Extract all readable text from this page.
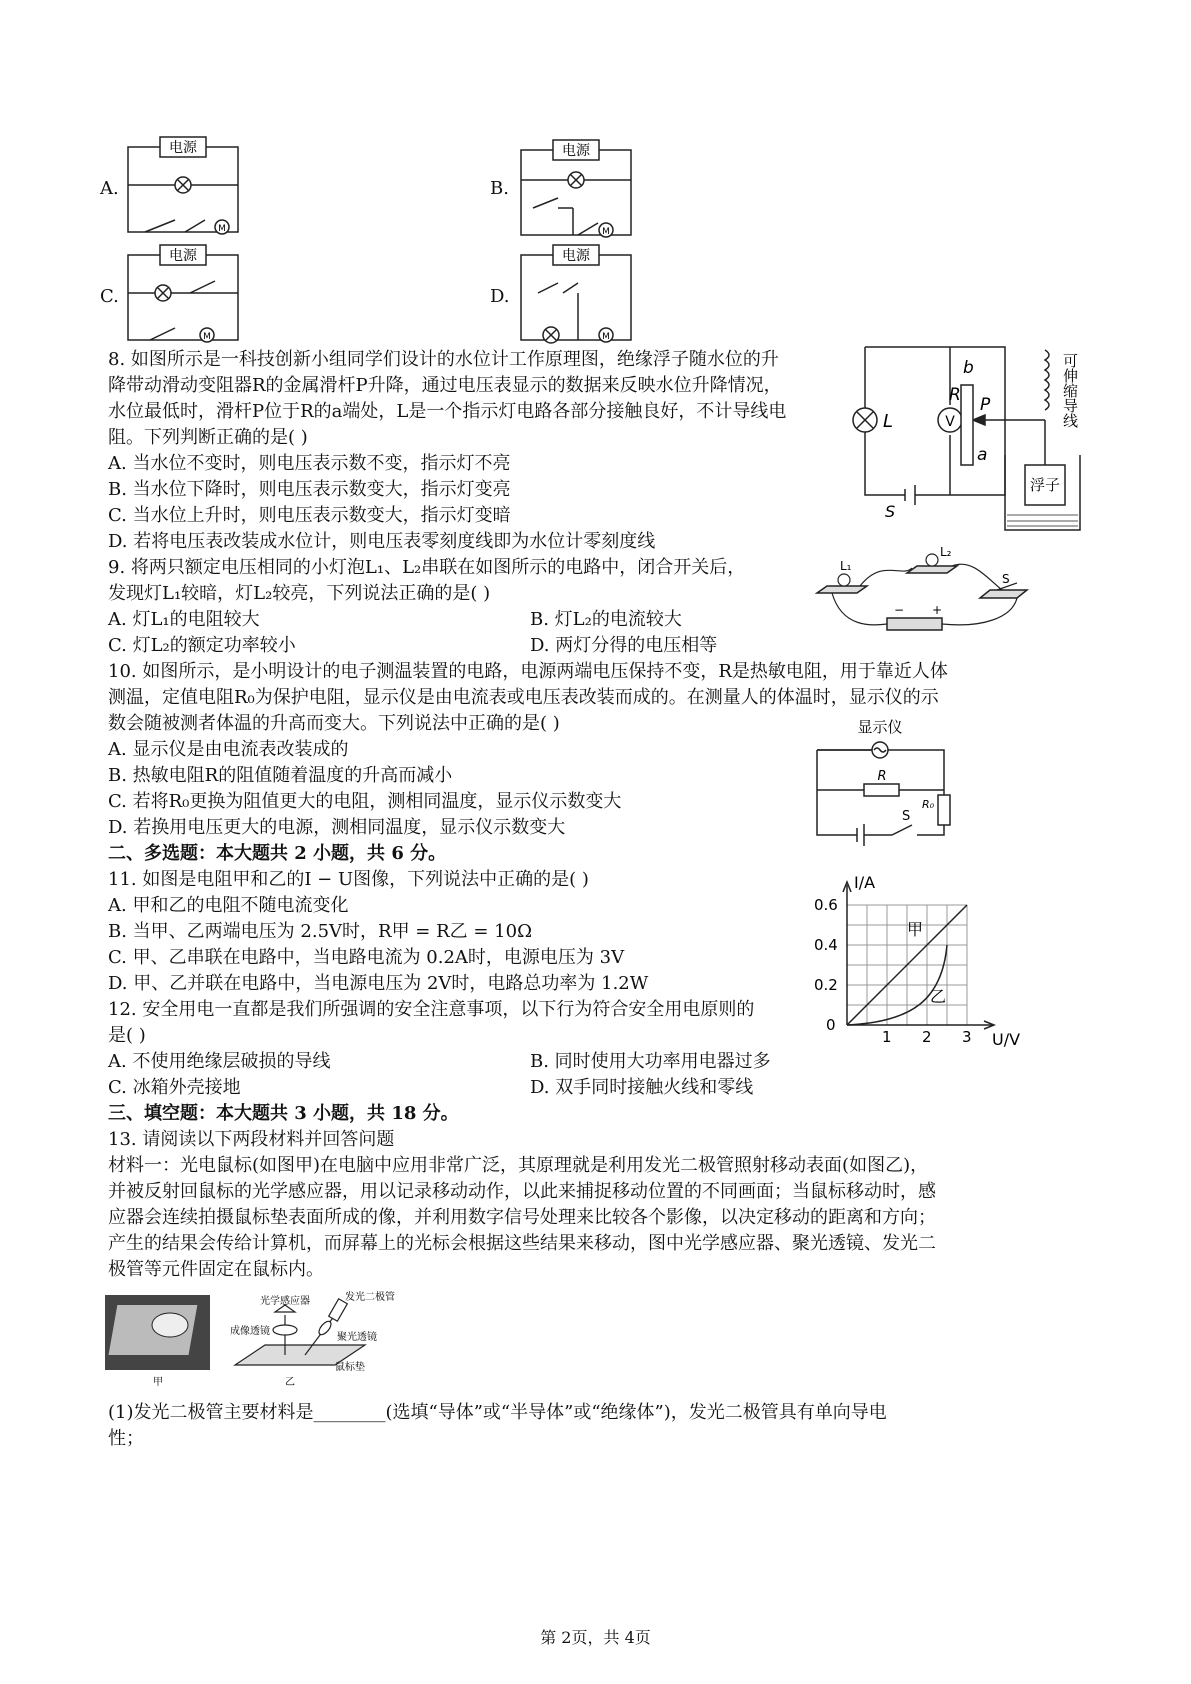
A.	B.
C.	D.
电源
M
电源
M
电源
M
电源
M
8. 如图所示是一科技创新小组同学们设计的水位计工作原理图，绝缘浮子随水位的升
降带动滑动变阻器R的金属滑杆P升降，通过电压表显示的数据来反映水位升降情况，
水位最低时，滑杆P位于R的a端处，L是一个指示灯电路各部分接触良好，不计导线电
阻。下列判断正确的是( )
A. 当水位不变时，则电压表示数不变，指示灯不亮
B. 当水位下降时，则电压表示数变大，指示灯变亮
C. 当水位上升时，则电压表示数变大，指示灯变暗
D. 若将电压表改装成水位计，则电压表零刻度线即为水位计零刻度线
L	V
R
b
P
a
S
浮子
可伸缩导线
9. 将两只额定电压相同的小灯泡L₁、L₂串联在如图所示的电路中，闭合开关后，
发现灯L₁较暗，灯L₂较亮，下列说法正确的是( )
A. 灯L₁的电阻较大	B. 灯L₂的电流较大
C. 灯L₂的额定功率较小	D. 两灯分得的电压相等
L₁
L₂
S
− +
10. 如图所示，是小明设计的电子测温装置的电路，电源两端电压保持不变，R是热敏电阻，用于靠近人体
测温，定值电阻R₀为保护电阻，显示仪是由电流表或电压表改装而成的。在测量人的体温时，显示仪的示
数会随被测者体温的升高而变大。下列说法中正确的是( )
A. 显示仪是由电流表改装成的
B. 热敏电阻R的阻值随着温度的升高而减小
C. 若将R₀更换为阻值更大的电阻，测相同温度，显示仪示数变大
D. 若换用电压更大的电源，测相同温度，显示仪示数变大
显示仪
R
S
R₀
二、多选题：本大题共 2 小题，共 6 分。
11. 如图是电阻甲和乙的I − U图像，下列说法中正确的是( )
A. 甲和乙的电阻不随电流变化
B. 当甲、乙两端电压为 2.5V时，R甲 = R乙 = 10Ω
C. 甲、乙串联在电路中，当电路电流为 0.2A时，电源电压为 3V
D. 甲、乙并联在电路中，当电源电压为 2V时，电路总功率为 1.2W
I/A
U/V
0.6
0.4
0.2
0
1 2 3
甲
乙
12. 安全用电一直都是我们所强调的安全注意事项，以下行为符合安全用电原则的
是( )
A. 不使用绝缘层破损的导线	B. 同时使用大功率用电器过多
C. 冰箱外壳接地	D. 双手同时接触火线和零线
三、填空题：本大题共 3 小题，共 18 分。
13. 请阅读以下两段材料并回答问题
材料一：光电鼠标(如图甲)在电脑中应用非常广泛，其原理就是利用发光二极管照射移动表面(如图乙)，
并被反射回鼠标的光学感应器，用以记录移动动作，以此来捕捉移动位置的不同画面；当鼠标移动时，感
应器会连续拍摄鼠标垫表面所成的像，并利用数字信号处理来比较各个影像，以决定移动的距离和方向；
产生的结果会传给计算机，而屏幕上的光标会根据这些结果来移动，图中光学感应器、聚光透镜、发光二
极管等元件固定在鼠标内。
甲	乙
光学感应器	发光二极管
成像透镜
聚光透镜
鼠标垫
(1)发光二极管主要材料是________(选填“导体”或“半导体”或“绝缘体”)，发光二极管具有单向导电
性；
第 2页，共 4页
